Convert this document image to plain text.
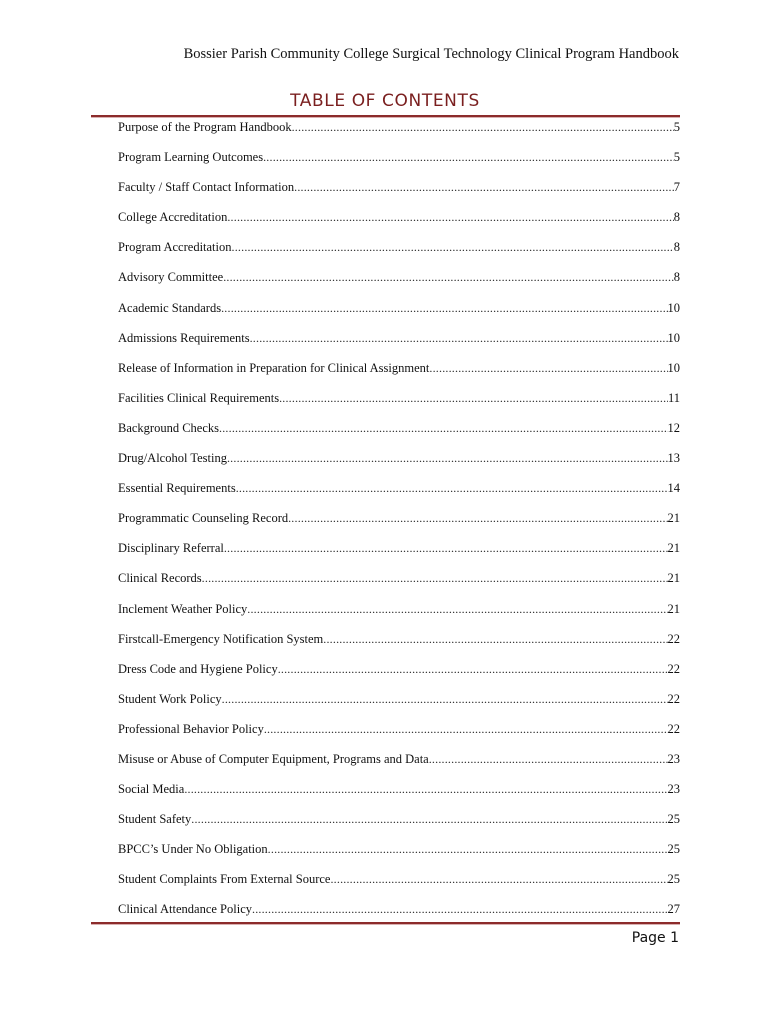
Bossier Parish Community College Surgical Technology Clinical Program Handbook
TABLE OF CONTENTS
Purpose of the Program Handbook .....	5
Program Learning Outcomes .....	5
Faculty / Staff Contact Information .....	7
College Accreditation .....	8
Program Accreditation .....	8
Advisory Committee .....	8
Academic Standards .....	10
Admissions Requirements .....	10
Release of Information in Preparation for Clinical Assignment .....	10
Facilities Clinical Requirements .....	11
Background Checks .....	12
Drug/Alcohol Testing .....	13
Essential Requirements .....	14
Programmatic Counseling Record .....	21
Disciplinary Referral .....	21
Clinical Records .....	21
Inclement Weather Policy .....	21
Firstcall-Emergency Notification System .....	22
Dress Code and Hygiene Policy .....	22
Student Work Policy .....	22
Professional Behavior Policy .....	22
Misuse or Abuse of Computer Equipment, Programs and Data .....	23
Social Media .....	23
Student Safety .....	25
BPCC’s Under No Obligation .....	25
Student Complaints From External Source .....	25
Clinical Attendance Policy .....	27
Page 1
